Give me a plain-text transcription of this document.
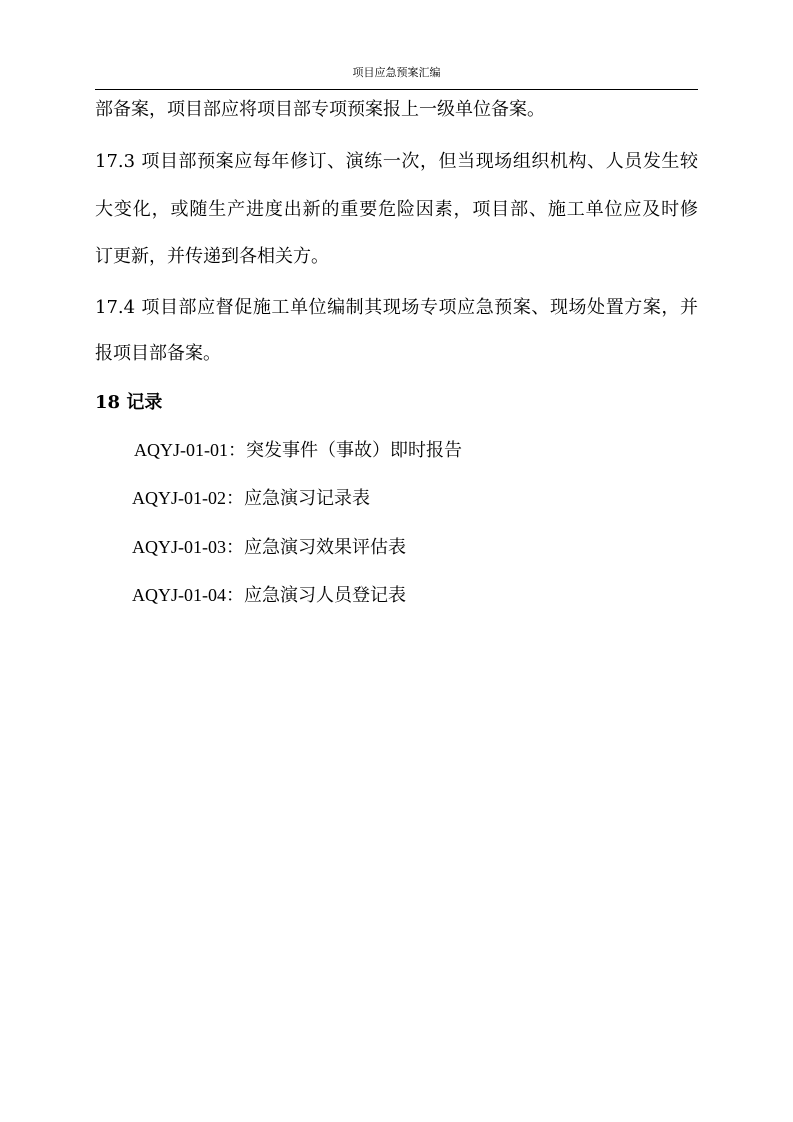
项目应急预案汇编
部备案，项目部应将项目部专项预案报上一级单位备案。
17.3 项目部预案应每年修订、演练一次，但当现场组织机构、人员发生较
大变化，或随生产进度出新的重要危险因素，项目部、施工单位应及时修
订更新，并传递到各相关方。
17.4 项目部应督促施工单位编制其现场专项应急预案、现场处置方案，并
报项目部备案。
18 记录
AQYJ-01-01：突发事件（事故）即时报告
AQYJ-01-02：应急演习记录表
AQYJ-01-03：应急演习效果评估表
AQYJ-01-04：应急演习人员登记表
